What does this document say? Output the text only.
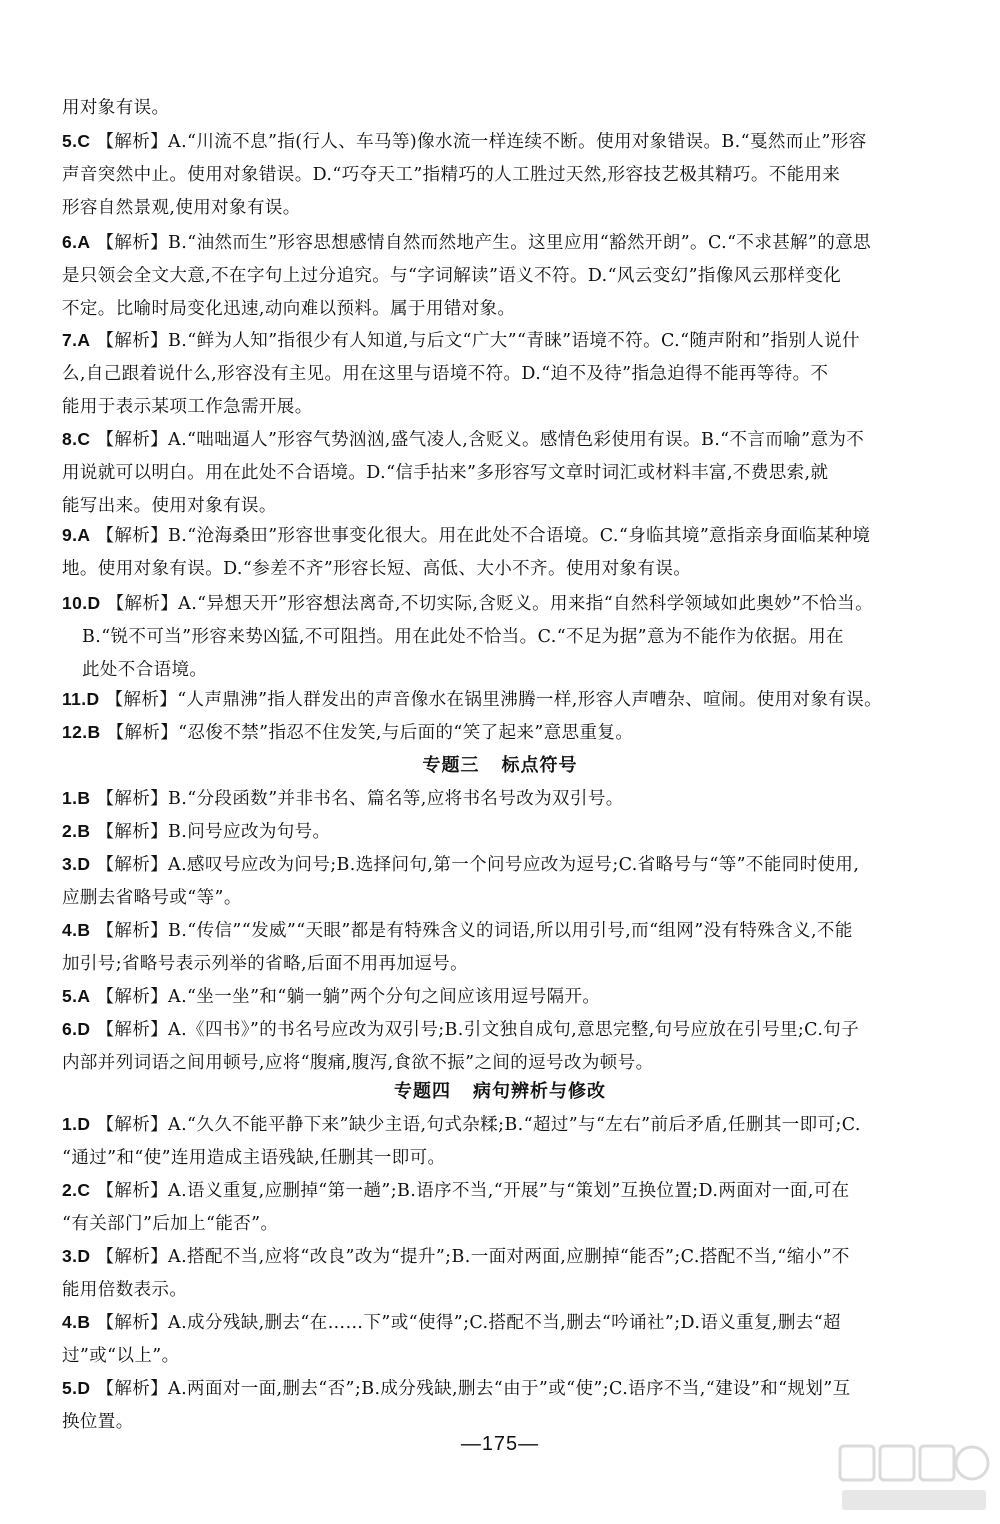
用对象有误。
5.C 【解析】A.“川流不息”指(行人、车马等)像水流一样连续不断。使用对象错误。B.“戛然而止”形容
声音突然中止。使用对象错误。D.“巧夺天工”指精巧的人工胜过天然,形容技艺极其精巧。不能用来
形容自然景观,使用对象有误。
6.A 【解析】B.“油然而生”形容思想感情自然而然地产生。这里应用“豁然开朗”。C.“不求甚解”的意思
是只领会全文大意,不在字句上过分追究。与“字词解读”语义不符。D.“风云变幻”指像风云那样变化
不定。比喻时局变化迅速,动向难以预料。属于用错对象。
7.A 【解析】B.“鲜为人知”指很少有人知道,与后文“广大”“青睐”语境不符。C.“随声附和”指别人说什
么,自己跟着说什么,形容没有主见。用在这里与语境不符。D.“迫不及待”指急迫得不能再等待。不
能用于表示某项工作急需开展。
8.C 【解析】A.“咄咄逼人”形容气势汹汹,盛气凌人,含贬义。感情色彩使用有误。B.“不言而喻”意为不
用说就可以明白。用在此处不合语境。D.“信手拈来”多形容写文章时词汇或材料丰富,不费思索,就
能写出来。使用对象有误。
9.A 【解析】B.“沧海桑田”形容世事变化很大。用在此处不合语境。C.“身临其境”意指亲身面临某种境
地。使用对象有误。D.“参差不齐”形容长短、高低、大小不齐。使用对象有误。
10.D 【解析】A.“异想天开”形容想法离奇,不切实际,含贬义。用来指“自然科学领域如此奥妙”不恰当。
B.“锐不可当”形容来势凶猛,不可阻挡。用在此处不恰当。C.“不足为据”意为不能作为依据。用在
此处不合语境。
11.D 【解析】“人声鼎沸”指人群发出的声音像水在锅里沸腾一样,形容人声嘈杂、喧闹。使用对象有误。
12.B 【解析】“忍俊不禁”指忍不住发笑,与后面的“笑了起来”意思重复。
1.B 【解析】B.“分段函数”并非书名、篇名等,应将书名号改为双引号。
2.B 【解析】B.问号应改为句号。
3.D 【解析】A.感叹号应改为问号;B.选择问句,第一个问号应改为逗号;C.省略号与“等”不能同时使用,
应删去省略号或“等”。
4.B 【解析】B.“传信”“发威”“天眼”都是有特殊含义的词语,所以用引号,而“组网”没有特殊含义,不能
加引号;省略号表示列举的省略,后面不用再加逗号。
5.A 【解析】A.“坐一坐”和“躺一躺”两个分句之间应该用逗号隔开。
6.D 【解析】A.《四书》”的书名号应改为双引号;B.引文独自成句,意思完整,句号应放在引号里;C.句子
内部并列词语之间用顿号,应将“腹痛,腹泻,食欲不振”之间的逗号改为顿号。
1.D 【解析】A.“久久不能平静下来”缺少主语,句式杂糅;B.“超过”与“左右”前后矛盾,任删其一即可;C.
“通过”和“使”连用造成主语残缺,任删其一即可。
2.C 【解析】A.语义重复,应删掉“第一趟”;B.语序不当,“开展”与“策划”互换位置;D.两面对一面,可在
“有关部门”后加上“能否”。
3.D 【解析】A.搭配不当,应将“改良”改为“提升”;B.一面对两面,应删掉“能否”;C.搭配不当,“缩小”不
能用倍数表示。
4.B 【解析】A.成分残缺,删去“在……下”或“使得”;C.搭配不当,删去“吟诵社”;D.语义重复,删去“超
过”或“以上”。
5.D 【解析】A.两面对一面,删去“否”;B.成分残缺,删去“由于”或“使”;C.语序不当,“建设”和“规划”互
换位置。
专题三 标点符号
专题四 病句辨析与修改
—175—
